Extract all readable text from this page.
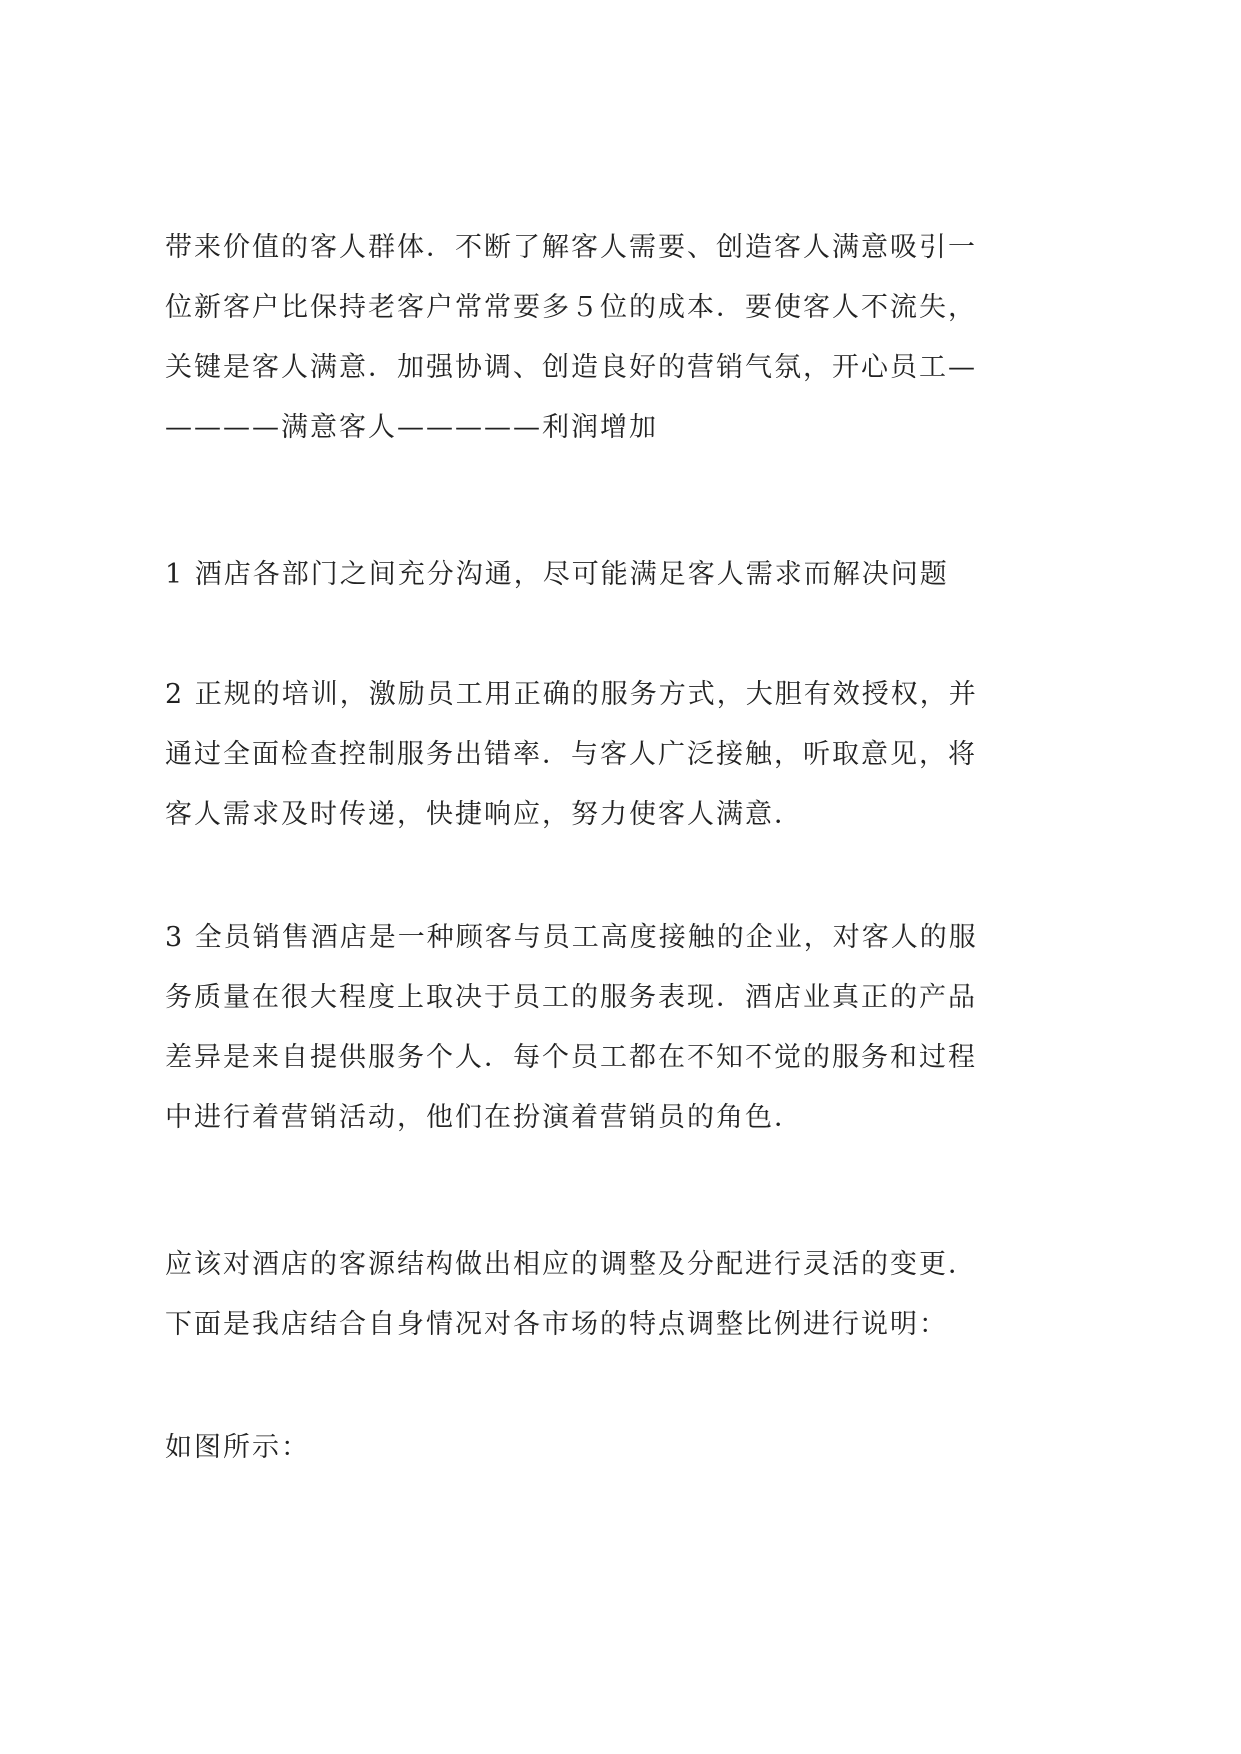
带来价值的客人群体．不断了解客人需要、创造客人满意吸引一
位新客户比保持老客户常常要多５位的成本．要使客人不流失，
关键是客人满意．加强协调、创造良好的营销气氛，开心员工—
————满意客人—————利润增加
1 酒店各部门之间充分沟通，尽可能满足客人需求而解决问题
2 正规的培训，激励员工用正确的服务方式，大胆有效授权，并
通过全面检查控制服务出错率．与客人广泛接触，听取意见，将
客人需求及时传递，快捷响应，努力使客人满意．
3 全员销售酒店是一种顾客与员工高度接触的企业，对客人的服
务质量在很大程度上取决于员工的服务表现．酒店业真正的产品
差异是来自提供服务个人．每个员工都在不知不觉的服务和过程
中进行着营销活动，他们在扮演着营销员的角色．
应该对酒店的客源结构做出相应的调整及分配进行灵活的变更．
下面是我店结合自身情况对各市场的特点调整比例进行说明：
如图所示：
